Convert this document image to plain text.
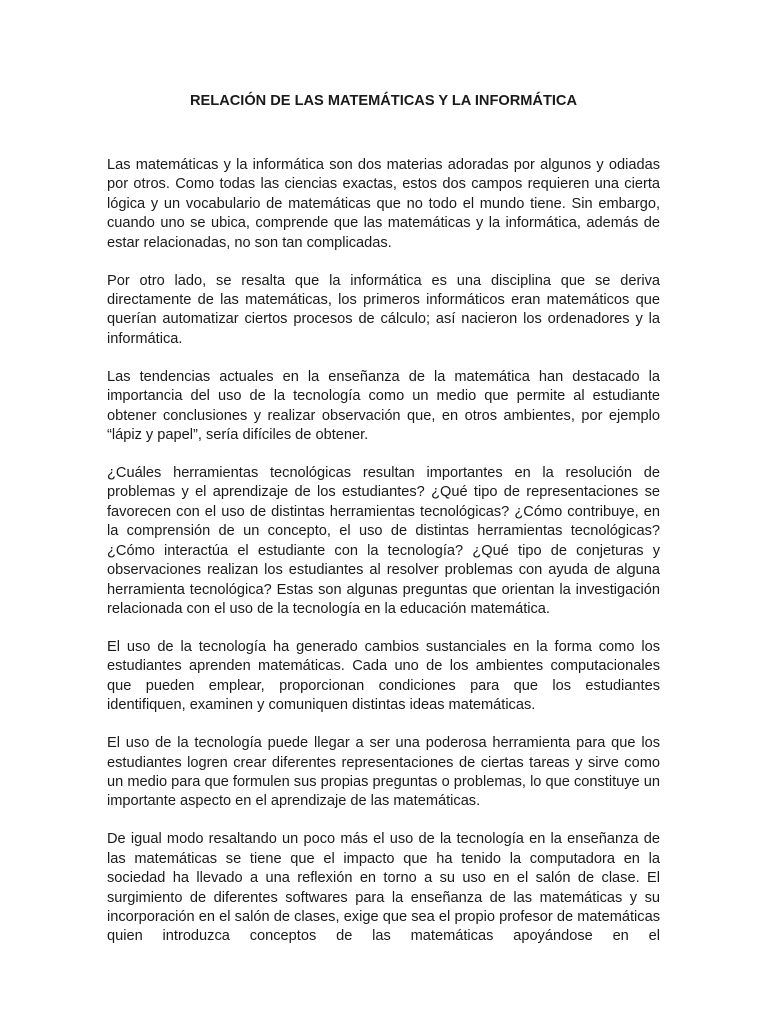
RELACIÓN DE LAS MATEMÁTICAS Y LA INFORMÁTICA

Las matemáticas y la informática son dos materias adoradas por algunos y odiadas por otros. Como todas las ciencias exactas, estos dos campos requieren una cierta lógica y un vocabulario de matemáticas que no todo el mundo tiene. Sin embargo, cuando uno se ubica, comprende que las matemáticas y la informática, además de estar relacionadas, no son tan complicadas.

Por otro lado, se resalta que la informática es una disciplina que se deriva directamente de las matemáticas, los primeros informáticos eran matemáticos que querían automatizar ciertos procesos de cálculo; así nacieron los ordenadores y la informática.

Las tendencias actuales en la enseñanza de la matemática han destacado la importancia del uso de la tecnología como un medio que permite al estudiante obtener conclusiones y realizar observación que, en otros ambientes, por ejemplo “lápiz y papel”, sería difíciles de obtener.

¿Cuáles herramientas tecnológicas resultan importantes en la resolución de problemas y el aprendizaje de los estudiantes? ¿Qué tipo de representaciones se favorecen con el uso de distintas herramientas tecnológicas? ¿Cómo contribuye, en la comprensión de un concepto, el uso de distintas herramientas tecnológicas? ¿Cómo interactúa el estudiante con la tecnología? ¿Qué tipo de conjeturas y observaciones realizan los estudiantes al resolver problemas con ayuda de alguna herramienta tecnológica? Estas son algunas preguntas que orientan la investigación relacionada con el uso de la tecnología en la educación matemática.

El uso de la tecnología ha generado cambios sustanciales en la forma como los estudiantes aprenden matemáticas. Cada uno de los ambientes computacionales que pueden emplear, proporcionan condiciones para que los estudiantes identifiquen, examinen y comuniquen distintas ideas matemáticas.

El uso de la tecnología puede llegar a ser una poderosa herramienta para que los estudiantes logren crear diferentes representaciones de ciertas tareas y sirve como un medio para que formulen sus propias preguntas o problemas, lo que constituye un importante aspecto en el aprendizaje de las matemáticas.

De igual modo resaltando un poco más el uso de la tecnología en la enseñanza de las matemáticas se tiene que el impacto que ha tenido la computadora en la sociedad ha llevado a una reflexión en torno a su uso en el salón de clase. El surgimiento de diferentes softwares para la enseñanza de las matemáticas y su incorporación en el salón de clases, exige que sea el propio profesor de matemáticas quien introduzca conceptos de las matemáticas apoyándose en el
